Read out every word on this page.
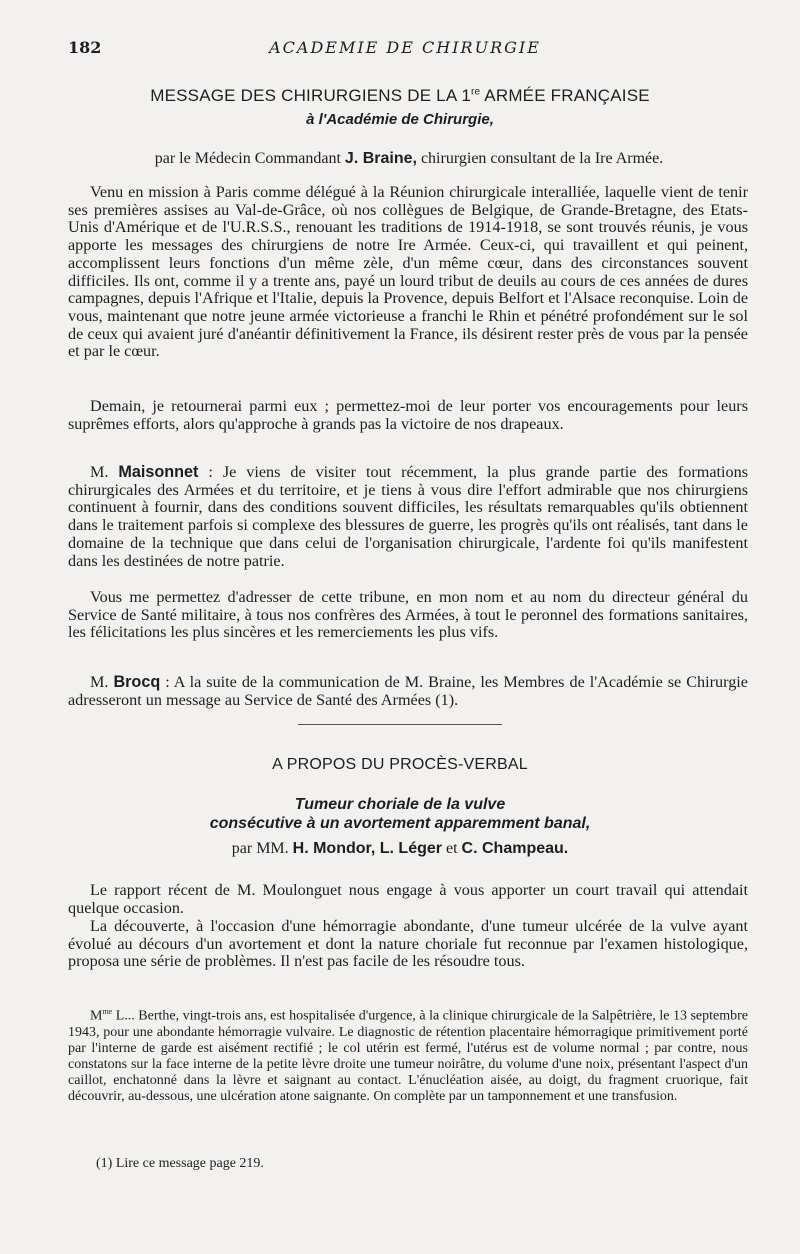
182	ACADEMIE DE CHIRURGIE
MESSAGE DES CHIRURGIENS DE LA 1re ARMÉE FRANÇAISE
à l'Académie de Chirurgie,
par le Médecin Commandant J. Braine, chirurgien consultant de la Ire Armée.

Venu en mission à Paris comme délégué à la Réunion chirurgicale interalliée, laquelle vient de tenir ses premières assises au Val-de-Grâce, où nos collègues de Belgique, de Grande-Bretagne, des Etats-Unis d'Amérique et de l'U.R.S.S., renouant les traditions de 1914-1918, se sont trouvés réunis, je vous apporte les messages des chirurgiens de notre Ire Armée. Ceux-ci, qui travaillent et qui peinent, accomplissent leurs fonctions d'un même zèle, d'un même cœur, dans des circonstances souvent difficiles. Ils ont, comme il y a trente ans, payé un lourd tribut de deuils au cours de ces années de dures campagnes, depuis l'Afrique et l'Italie, depuis la Provence, depuis Belfort et l'Alsace reconquise. Loin de vous, maintenant que notre jeune armée victorieuse a franchi le Rhin et pénétré profondément sur le sol de ceux qui avaient juré d'anéantir définitivement la France, ils désirent rester près de vous par la pensée et par le cœur.

Demain, je retournerai parmi eux ; permettez-moi de leur porter vos encouragements pour leurs suprêmes efforts, alors qu'approche à grands pas la victoire de nos drapeaux.

M. Maisonnet : Je viens de visiter tout récemment, la plus grande partie des formations chirurgicales des Armées et du territoire, et je tiens à vous dire l'effort admirable que nos chirurgiens continuent à fournir, dans des conditions souvent difficiles, les résultats remarquables qu'ils obtiennent dans le traitement parfois si complexe des blessures de guerre, les progrès qu'ils ont réalisés, tant dans le domaine de la technique que dans celui de l'organisation chirurgicale, l'ardente foi qu'ils manifestent dans les destinées de notre patrie.

Vous me permettez d'adresser de cette tribune, en mon nom et au nom du directeur général du Service de Santé militaire, à tous nos confrères des Armées, à tout le peronnel des formations sanitaires, les félicitations les plus sincères et les remerciements les plus vifs.

M. Brocq : A la suite de la communication de M. Braine, les Membres de l'Académie se Chirurgie adresseront un message au Service de Santé des Armées (1).

A PROPOS DU PROCÈS-VERBAL
Tumeur choriale de la vulve
consécutive à un avortement apparemment banal,
par MM. H. Mondor, L. Léger et C. Champeau.

Le rapport récent de M. Moulonguet nous engage à vous apporter un court travail qui attendait quelque occasion.

La découverte, à l'occasion d'une hémorragie abondante, d'une tumeur ulcérée de la vulve ayant évolué au décours d'un avortement et dont la nature choriale fut reconnue par l'examen histologique, proposa une série de problèmes. Il n'est pas facile de les résoudre tous.

$M^{me}$ L... Berthe, vingt-trois ans, est hospitalisée d'urgence, à la clinique chirurgicale de la Salpêtrière, le 13 septembre 1943, pour une abondante hémorragie vulvaire. Le diagnostic de rétention placentaire hémorragique primitivement porté par l'interne de garde est aisément rectifié ; le col utérin est fermé, l'utérus est de volume normal ; par contre, nous constatons sur la face interne de la petite lèvre droite une tumeur noirâtre, du volume d'une noix, présentant l'aspect d'un caillot, enchatonné dans la lèvre et saignant au contact. L'énucléation aisée, au doigt, du fragment cruorique, fait découvrir, au-dessous, une ulcération atone saignante. On complète par un tamponnement et une transfusion.

(1) Lire ce message page 219.
